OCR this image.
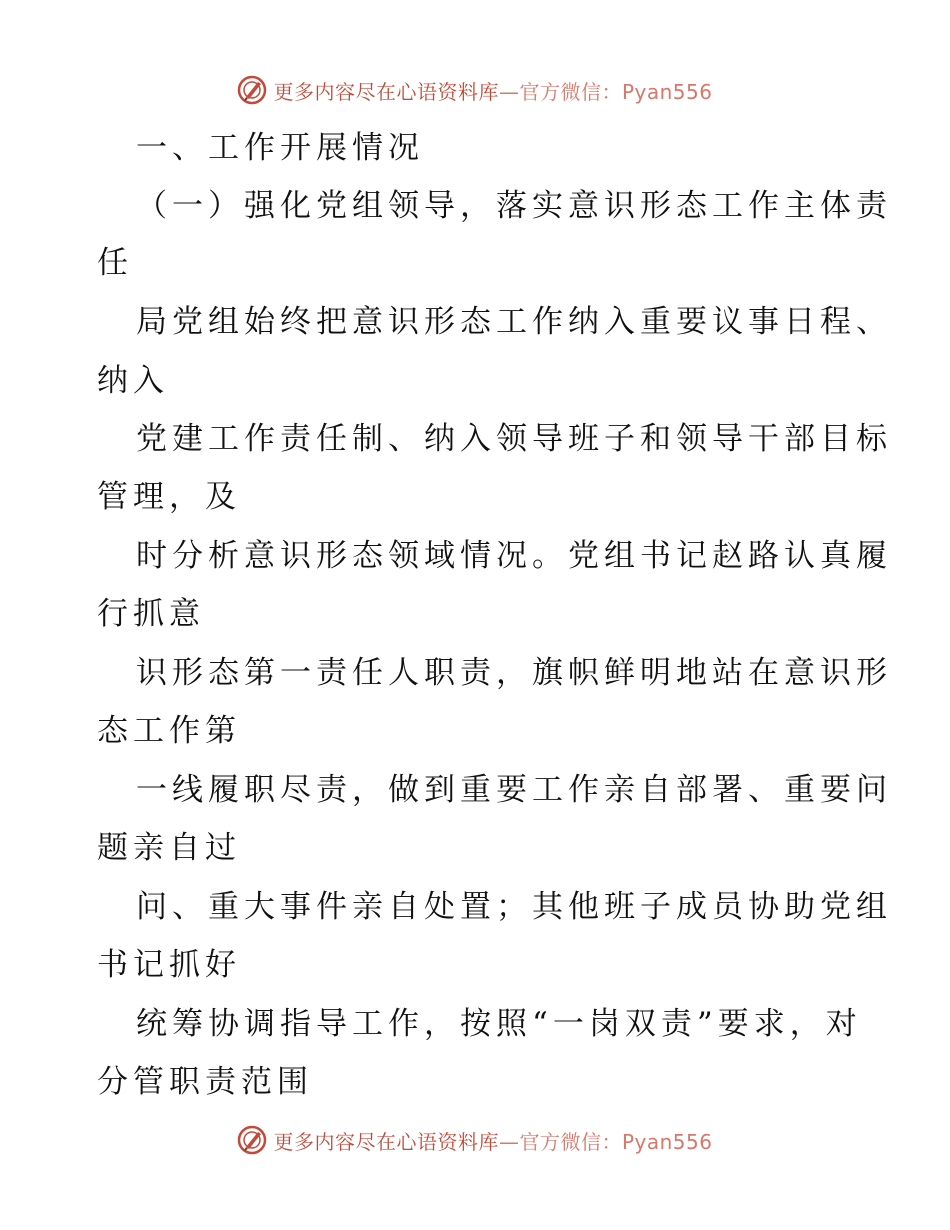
更多内容尽在心语资料库—官方微信：Pyan556
一、工作开展情况
（一）强化党组领导，落实意识形态工作主体责
任
局党组始终把意识形态工作纳入重要议事日程、
纳入
党建工作责任制、纳入领导班子和领导干部目标
管理，及
时分析意识形态领域情况。党组书记赵路认真履
行抓意
识形态第一责任人职责，旗帜鲜明地站在意识形
态工作第
一线履职尽责，做到重要工作亲自部署、重要问
题亲自过
问、重大事件亲自处置；其他班子成员协助党组
书记抓好
统筹协调指导工作，按照“一岗双责”要求，对
分管职责范围
更多内容尽在心语资料库—官方微信：Pyan556
